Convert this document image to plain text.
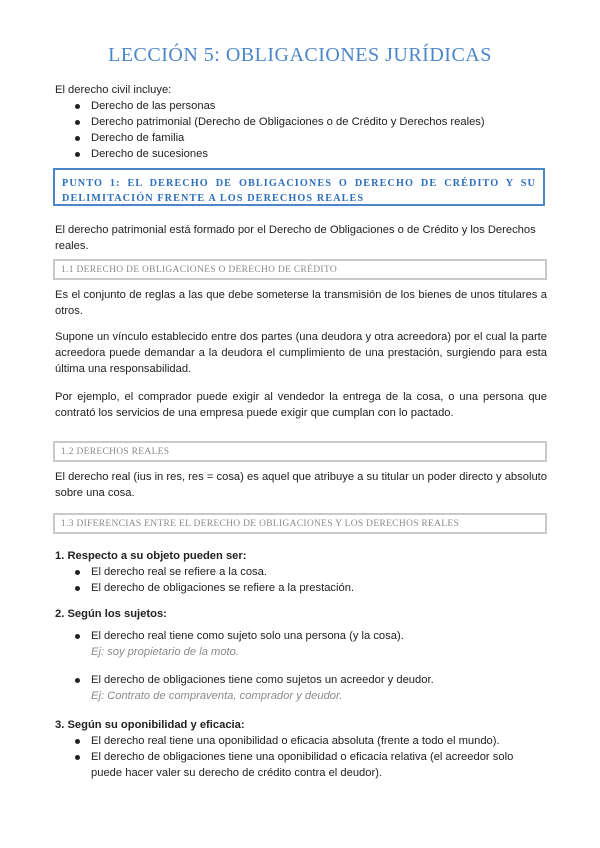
LECCIÓN 5: OBLIGACIONES JURÍDICAS

El derecho civil incluye:

Derecho de las personas
Derecho patrimonial (Derecho de Obligaciones o de Crédito y Derechos reales)
Derecho de familia
Derecho de sucesiones
PUNTO 1: EL DERECHO DE OBLIGACIONES O DERECHO DE CRÉDITO Y SU DELIMITACIÓN FRENTE A LOS DERECHOS REALES

El derecho patrimonial está formado por el Derecho de Obligaciones o de Crédito y los Derechos reales.

1.1 DERECHO DE OBLIGACIONES O DERECHO DE CRÉDITO

Es el conjunto de reglas a las que debe someterse la transmisión de los bienes de unos titulares a otros.

Supone un vínculo establecido entre dos partes (una deudora y otra acreedora) por el cual la parte acreedora puede demandar a la deudora el cumplimiento de una prestación, surgiendo para esta última una responsabilidad.

Por ejemplo, el comprador puede exigir al vendedor la entrega de la cosa, o una persona que contrató los servicios de una empresa puede exigir que cumplan con lo pactado.

1.2 DERECHOS REALES

El derecho real (ius in res, res = cosa) es aquel que atribuye a su titular un poder directo y absoluto sobre una cosa.

1.3 DIFERENCIAS ENTRE EL DERECHO DE OBLIGACIONES Y LOS DERECHOS REALES

1. Respecto a su objeto pueden ser:

El derecho real se refiere a la cosa.
El derecho de obligaciones se refiere a la prestación.

2. Según los sujetos:

El derecho real tiene como sujeto solo una persona (y la cosa).
Ej: soy propietario de la moto.
El derecho de obligaciones tiene como sujetos un acreedor y deudor.
Ej: Contrato de compraventa, comprador y deudor.

3. Según su oponibilidad y eficacia:

El derecho real tiene una oponibilidad o eficacia absoluta (frente a todo el mundo).
El derecho de obligaciones tiene una oponibilidad o eficacia relativa (el acreedor solo puede hacer valer su derecho de crédito contra el deudor).
